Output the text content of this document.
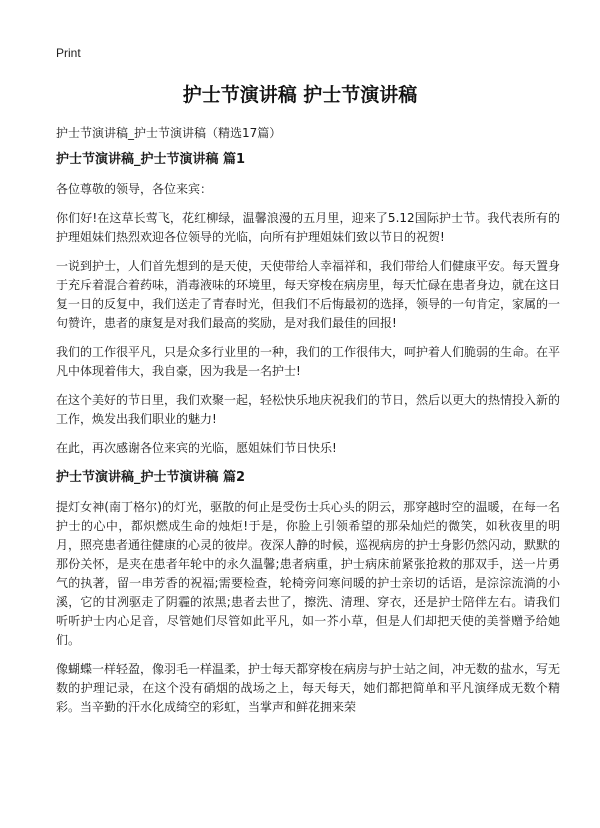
Print
护士节演讲稿 护士节演讲稿
护士节演讲稿_护士节演讲稿（精选17篇）
护士节演讲稿_护士节演讲稿 篇1

各位尊敬的领导，各位来宾：

你们好!在这草长莺飞，花红柳绿，温馨浪漫的五月里，迎来了5.12国际护士节。我代表所有的护理姐妹们热烈欢迎各位领导的光临，向所有护理姐妹们致以节日的祝贺!

一说到护士，人们首先想到的是天使，天使带给人幸福祥和，我们带给人们健康平安。每天置身于充斥着混合着药味，消毒液味的环境里，每天穿梭在病房里，每天忙碌在患者身边，就在这日复一日的反复中，我们送走了青春时光，但我们不后悔最初的选择，领导的一句肯定，家属的一句赞许，患者的康复是对我们最高的奖励，是对我们最佳的回报!

我们的工作很平凡，只是众多行业里的一种，我们的工作很伟大，呵护着人们脆弱的生命。在平凡中体现着伟大，我自豪，因为我是一名护士!

在这个美好的节日里，我们欢聚一起，轻松快乐地庆祝我们的节日，然后以更大的热情投入新的工作，焕发出我们职业的魅力!

在此，再次感谢各位来宾的光临，愿姐妹们节日快乐!

护士节演讲稿_护士节演讲稿 篇2

提灯女神(南丁格尔)的灯光，驱散的何止是受伤士兵心头的阴云，那穿越时空的温暖，在每一名护士的心中，都炽燃成生命的烛炬!于是，你脸上引领希望的那朵灿烂的微笑，如秋夜里的明月，照亮患者通往健康的心灵的彼岸。夜深人静的时候，巡视病房的护士身影仍然闪动，默默的那份关怀，是夹在患者年轮中的永久温馨;患者病重，护士病床前紧张抢救的那双手，送一片勇气的执著，留一串芳香的祝福;需要检查，轮椅旁问寒问暖的护士亲切的话语，是淙淙流淌的小溪，它的甘冽驱走了阴霾的浓黑;患者去世了，擦洗、清理、穿衣，还是护士陪伴左右。请我们听听护士内心足音，尽管她们尽管如此平凡，如一芥小草，但是人们却把天使的美誉赠予给她们。

像蝴蝶一样轻盈，像羽毛一样温柔，护士每天都穿梭在病房与护士站之间，冲无数的盐水，写无数的护理记录，在这个没有硝烟的战场之上，每天每天，她们都把简单和平凡演绎成无数个精彩。当辛勤的汗水化成绮空的彩虹，当掌声和鲜花拥来荣
